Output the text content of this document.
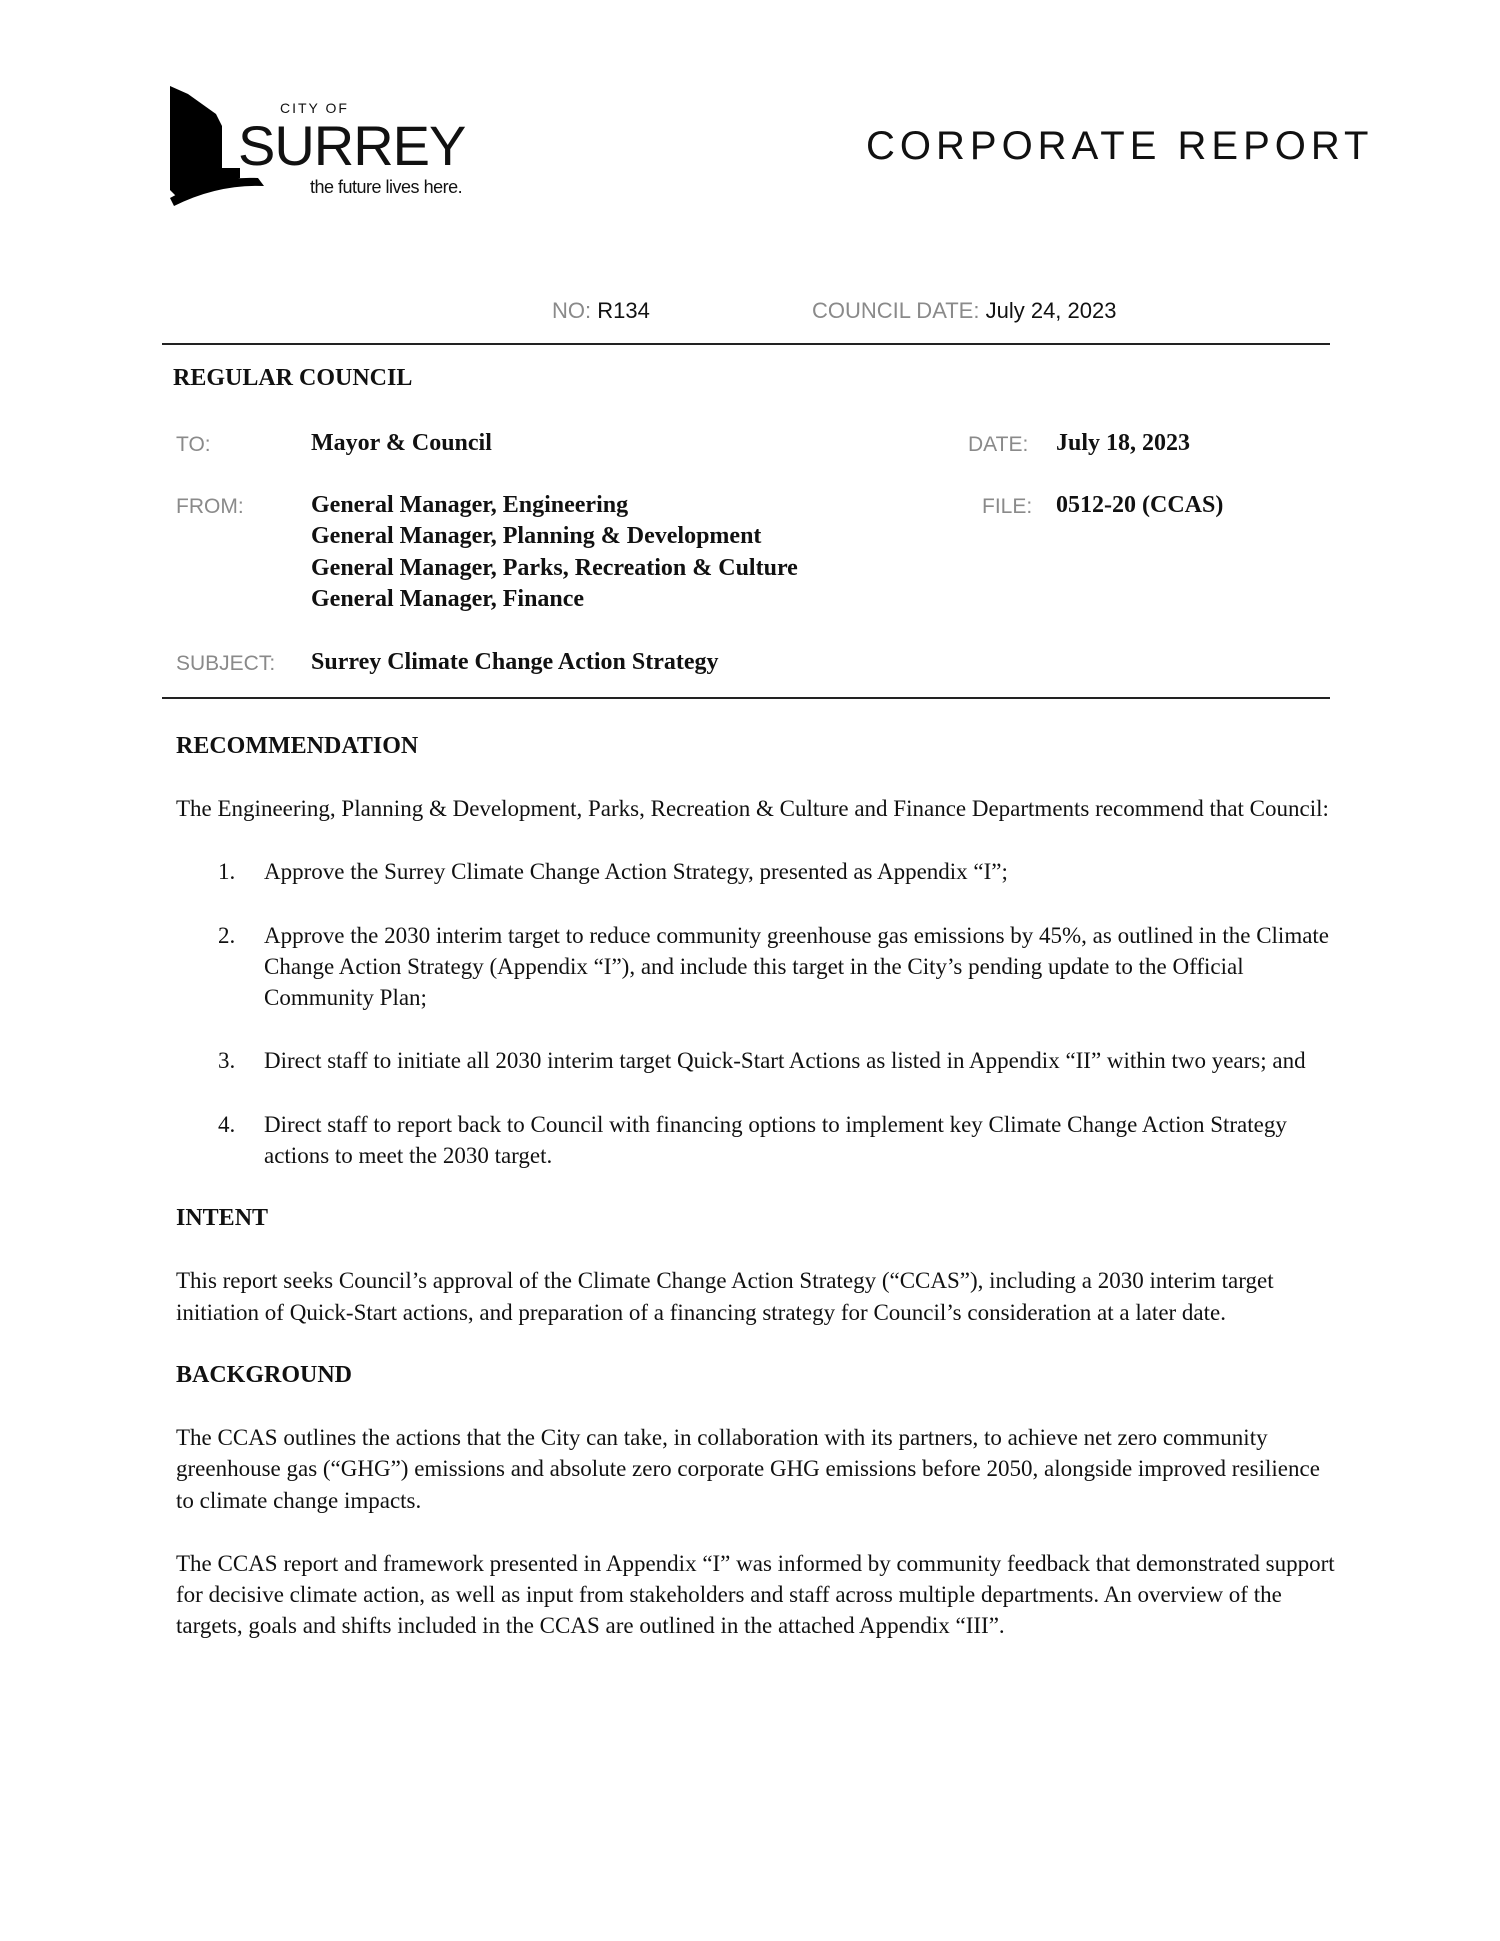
CITY OF
SURREY
the future lives here.
CORPORATE REPORT
NO: R134	COUNCIL DATE: July 24, 2023
REGULAR COUNCIL
TO:	Mayor & Council	DATE: July 18, 2023
FROM:	General Manager, Engineering
General Manager, Planning & Development
General Manager, Parks, Recreation & Culture
General Manager, Finance
FILE: 0512-20 (CCAS)
SUBJECT: Surrey Climate Change Action Strategy
RECOMMENDATION
The Engineering, Planning & Development, Parks, Recreation & Culture and Finance Departments recommend that Council:
1. Approve the Surrey Climate Change Action Strategy, presented as Appendix “I”;
2. Approve the 2030 interim target to reduce community greenhouse gas emissions by 45%, as outlined in the Climate Change Action Strategy (Appendix “I”), and include this target in the City’s pending update to the Official Community Plan;
3. Direct staff to initiate all 2030 interim target Quick-Start Actions as listed in Appendix “II” within two years; and
4. Direct staff to report back to Council with financing options to implement key Climate Change Action Strategy actions to meet the 2030 target.
INTENT
This report seeks Council’s approval of the Climate Change Action Strategy (“CCAS”), including a 2030 interim target initiation of Quick-Start actions, and preparation of a financing strategy for Council’s consideration at a later date.
BACKGROUND
The CCAS outlines the actions that the City can take, in collaboration with its partners, to achieve net zero community greenhouse gas (“GHG”) emissions and absolute zero corporate GHG emissions before 2050, alongside improved resilience to climate change impacts.
The CCAS report and framework presented in Appendix “I” was informed by community feedback that demonstrated support for decisive climate action, as well as input from stakeholders and staff across multiple departments. An overview of the targets, goals and shifts included in the CCAS are outlined in the attached Appendix “III”.
